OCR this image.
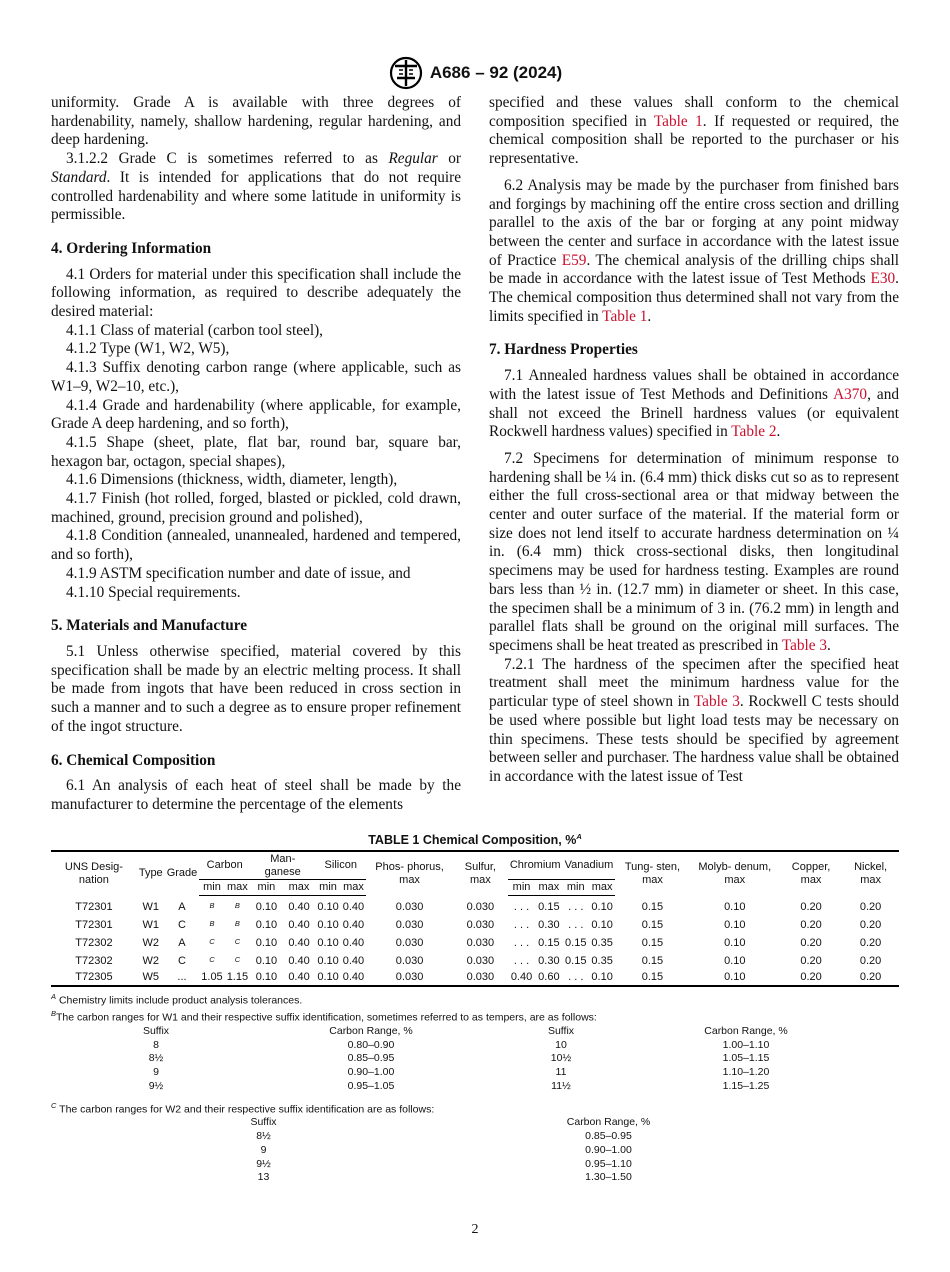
A686 – 92 (2024)

uniformity. Grade A is available with three degrees of hardenability, namely, shallow hardening, regular hardening, and deep hardening.

3.1.2.2 Grade C is sometimes referred to as Regular or Standard. It is intended for applications that do not require controlled hardenability and where some latitude in uniformity is permissible.

4. Ordering Information

4.1 Orders for material under this specification shall include the following information, as required to describe adequately the desired material:

4.1.1 Class of material (carbon tool steel),

4.1.2 Type (W1, W2, W5),

4.1.3 Suffix denoting carbon range (where applicable, such as W1–9, W2–10, etc.),

4.1.4 Grade and hardenability (where applicable, for example, Grade A deep hardening, and so forth),

4.1.5 Shape (sheet, plate, flat bar, round bar, square bar, hexagon bar, octagon, special shapes),

4.1.6 Dimensions (thickness, width, diameter, length),

4.1.7 Finish (hot rolled, forged, blasted or pickled, cold drawn, machined, ground, precision ground and polished),

4.1.8 Condition (annealed, unannealed, hardened and tempered, and so forth),

4.1.9 ASTM specification number and date of issue, and

4.1.10 Special requirements.

5. Materials and Manufacture

5.1 Unless otherwise specified, material covered by this specification shall be made by an electric melting process. It shall be made from ingots that have been reduced in cross section in such a manner and to such a degree as to ensure proper refinement of the ingot structure.

6. Chemical Composition

6.1 An analysis of each heat of steel shall be made by the manufacturer to determine the percentage of the elements

specified and these values shall conform to the chemical composition specified in Table 1. If requested or required, the chemical composition shall be reported to the purchaser or his representative.

6.2 Analysis may be made by the purchaser from finished bars and forgings by machining off the entire cross section and drilling parallel to the axis of the bar or forging at any point midway between the center and surface in accordance with the latest issue of Practice E59. The chemical analysis of the drilling chips shall be made in accordance with the latest issue of Test Methods E30. The chemical composition thus determined shall not vary from the limits specified in Table 1.

7. Hardness Properties

7.1 Annealed hardness values shall be obtained in accordance with the latest issue of Test Methods and Definitions A370, and shall not exceed the Brinell hardness values (or equivalent Rockwell hardness values) specified in Table 2.

7.2 Specimens for determination of minimum response to hardening shall be ¼ in. (6.4 mm) thick disks cut so as to represent either the full cross-sectional area or that midway between the center and outer surface of the material. If the material form or size does not lend itself to accurate hardness determination on ¼ in. (6.4 mm) thick cross-sectional disks, then longitudinal specimens may be used for hardness testing. Examples are round bars less than ½ in. (12.7 mm) in diameter or sheet. In this case, the specimen shall be a minimum of 3 in. (76.2 mm) in length and parallel flats shall be ground on the original mill surfaces. The specimens shall be heat treated as prescribed in Table 3.

7.2.1 The hardness of the specimen after the specified heat treatment shall meet the minimum hardness value for the particular type of steel shown in Table 3. Rockwell C tests should be used where possible but light load tests may be necessary on thin specimens. These tests should be specified by agreement between seller and purchaser. The hardness value shall be obtained in accordance with the latest issue of Test

TABLE 1 Chemical Composition, %$^A$
UNS Desig- nation	Type	Grade	Carbon		Man- ganese		Silicon		Phos- phorus, max	Sulfur, max	Chromium		Vanadium		Tung- sten, max	Molyb- denum, max	Copper, max	Nickel, max
			min	max	min	max	min	max			min	max	min	max				
T72301	W1	A	$^B$	$^B$	0.10	0.40	0.10	0.40	0.030	0.030	. . .	0.15	. . .	0.10	0.15	0.10	0.20	0.20
T72301	W1	C	$^B$	$^B$	0.10	0.40	0.10	0.40	0.030	0.030	. . .	0.30	. . .	0.10	0.15	0.10	0.20	0.20
T72302	W2	A	$^C$	$^C$	0.10	0.40	0.10	0.40	0.030	0.030	. . .	0.15	0.15	0.35	0.15	0.10	0.20	0.20
T72302	W2	C	$^C$	$^C$	0.10	0.40	0.10	0.40	0.030	0.030	. . .	0.30	0.15	0.35	0.15	0.10	0.20	0.20
T72305	W5	...	1.05	1.15	0.10	0.40	0.10	0.40	0.030	0.030	0.40	0.60	. . .	0.10	0.15	0.10	0.20	0.20
$^A$ Chemistry limits include product analysis tolerances.
$^B$The carbon ranges for W1 and their respective suffix identification, sometimes referred to as tempers, are as follows:
Suffix	Carbon Range, %	Suffix	Carbon Range, %
8	0.80–0.90	10	1.00–1.10
8½	0.85–0.95	10½	1.05–1.15
9	0.90–1.00	11	1.10–1.20
9½	0.95–1.05	11½	1.15–1.25
$^C$ The carbon ranges for W2 and their respective suffix identification are as follows:
Suffix	Carbon Range, %
8½	0.85–0.95
9	0.90–1.00
9½	0.95–1.10
13	1.30–1.50
2
